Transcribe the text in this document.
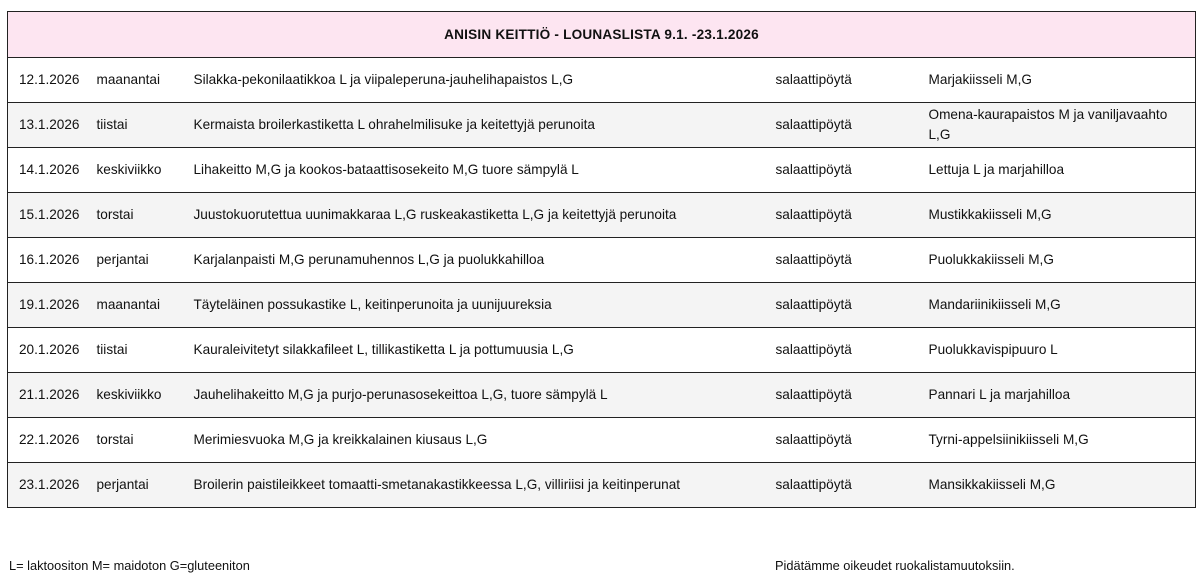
ANISIN KEITTIÖ - LOUNASLISTA 9.1. -23.1.2026				
12.1.2026	maanantai	Silakka-pekonilaatikkoa L ja viipaleperuna-jauhelihapaistos L,G	salaattipöytä	Marjakiisseli M,G
13.1.2026	tiistai	Kermaista broilerkastiketta L ohrahelmilisuke ja keitettyjä perunoita	salaattipöytä	Omena-kaurapaistos M ja vaniljavaahto L,G
14.1.2026	keskiviikko	Lihakeitto M,G ja kookos-bataattisosekeito M,G tuore sämpylä L	salaattipöytä	Lettuja L ja marjahilloa
15.1.2026	torstai	Juustokuorutettua uunimakkaraa L,G ruskeakastiketta L,G ja keitettyjä perunoita	salaattipöytä	Mustikkakiisseli M,G
16.1.2026	perjantai	Karjalanpaisti M,G perunamuhennos L,G ja puolukkahilloa	salaattipöytä	Puolukkakiisseli M,G
19.1.2026	maanantai	Täyteläinen possukastike L, keitinperunoita ja uunijuureksia	salaattipöytä	Mandariinikiisseli M,G
20.1.2026	tiistai	Kauraleivitetyt silakkafileet L, tillikastiketta L ja pottumuusia L,G	salaattipöytä	Puolukkavispipuuro L
21.1.2026	keskiviikko	Jauhelihakeitto M,G ja purjo-perunasosekeittoa L,G, tuore sämpylä L	salaattipöytä	Pannari L ja marjahilloa
22.1.2026	torstai	Merimiesvuoka M,G ja kreikkalainen kiusaus L,G	salaattipöytä	Tyrni-appelsiinikiisseli M,G
23.1.2026	perjantai	Broilerin paistileikkeet tomaatti-smetanakastikkeessa L,G, villiriisi ja keitinperunat	salaattipöytä	Mansikkakiisseli M,G
L= laktoositon M= maidoton G=gluteeniton	Pidätämme oikeudet ruokalistamuutoksiin.
